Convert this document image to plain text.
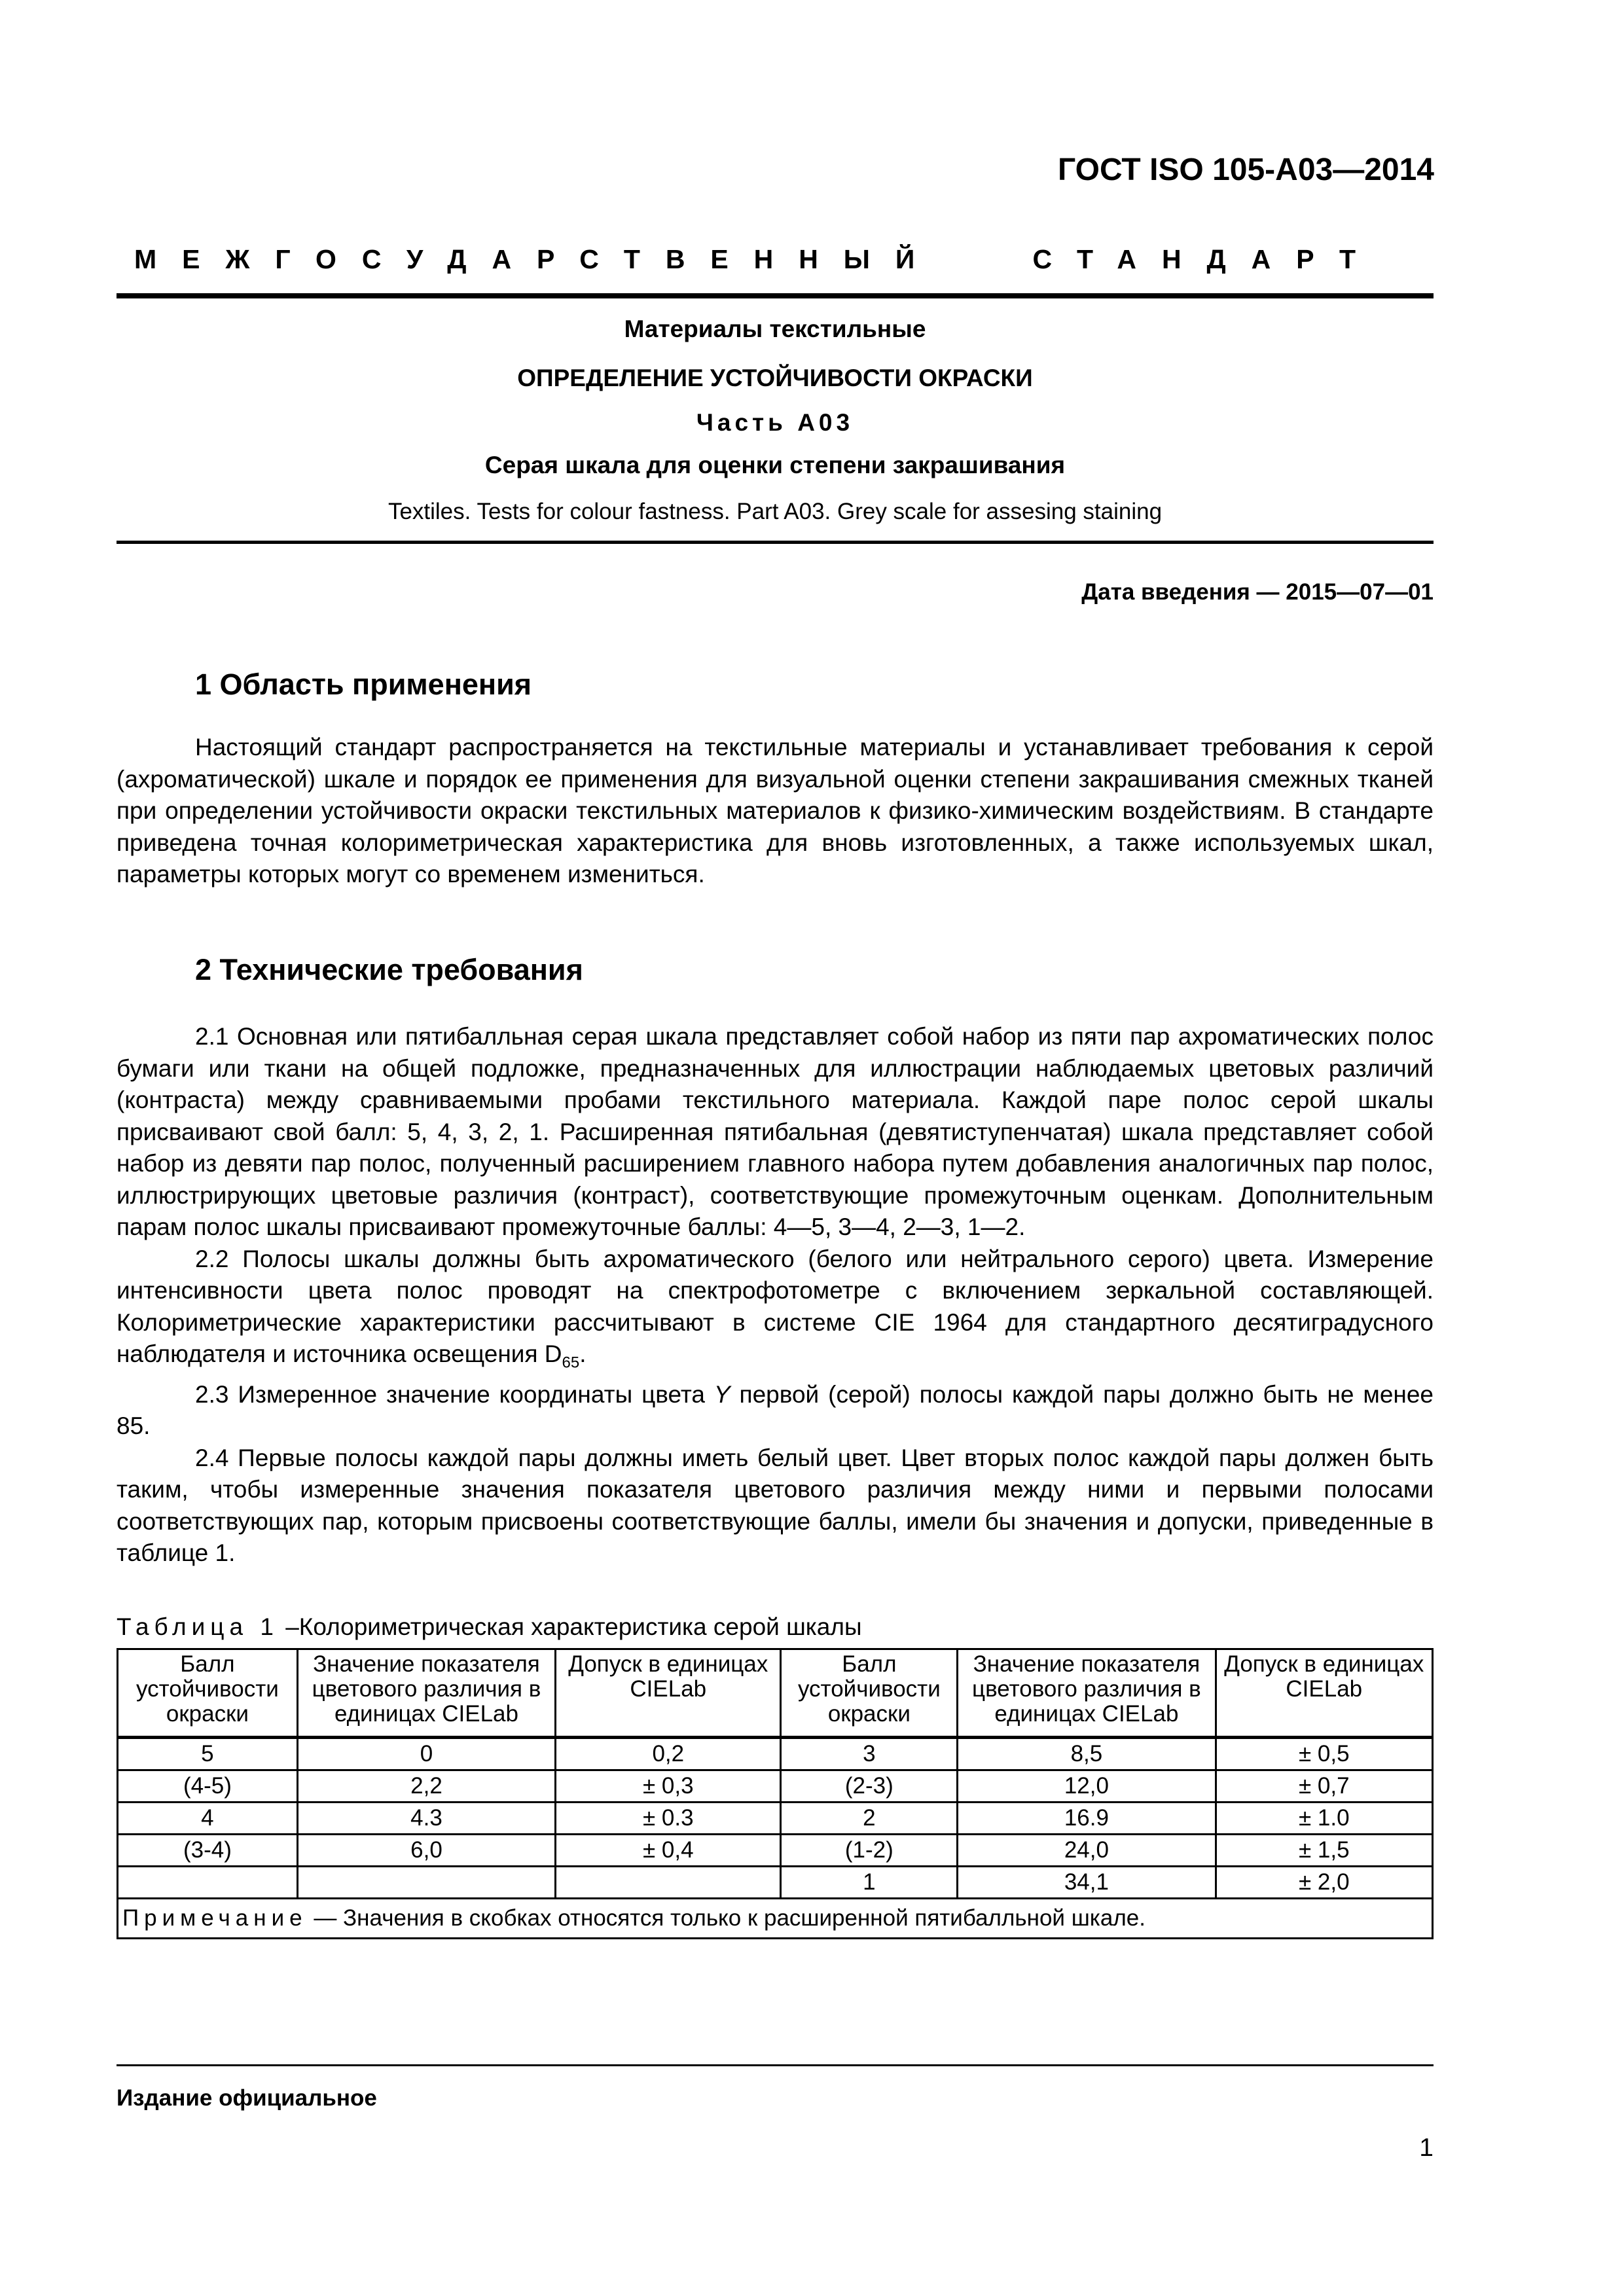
ГОСТ ISO 105-А03—2014
МЕЖГОСУДАРСТВЕННЫЙ	СТАНДАРТ
Материалы текстильные
ОПРЕДЕЛЕНИЕ УСТОЙЧИВОСТИ ОКРАСКИ
Часть А03
Серая шкала для оценки степени закрашивания
Textiles. Tests for colour fastness. Part A03. Grey scale for assesing staining
Дата введения — 2015—07—01
1 Область применения

Настоящий стандарт распространяется на текстильные материалы и устанавливает требования к серой (ахроматической) шкале и порядок ее применения для визуальной оценки степени закрашивания смежных тканей при определении устойчивости окраски текстильных материалов к физико-химическим воздействиям. В стандарте приведена точная колориметрическая характеристика для вновь изготовленных, а также используемых шкал, параметры которых могут со временем измениться.

2 Технические требования

2.1 Основная или пятибалльная серая шкала представляет собой набор из пяти пар ахроматических полос бумаги или ткани на общей подложке, предназначенных для иллюстрации наблюдаемых цветовых различий (контраста) между сравниваемыми пробами текстильного материала. Каждой паре полос серой шкалы присваивают свой балл: 5, 4, 3, 2, 1. Расширенная пятибальная (девятиступенчатая) шкала представляет собой набор из девяти пар полос, полученный расширением главного набора путем добавления аналогичных пар полос, иллюстрирующих цветовые различия (контраст), соответствующие промежуточным оценкам. Дополнительным парам полос шкалы присваивают промежуточные баллы: 4—5, 3—4, 2—3, 1—2.

2.2 Полосы шкалы должны быть ахроматического (белого или нейтрального серого) цвета. Измерение интенсивности цвета полос проводят на спектрофотометре с включением зеркальной составляющей. Колориметрические характеристики рассчитывают в системе CIE 1964 для стандартного десятиградусного наблюдателя и источника освещения $D_{65}$.

2.3 Измеренное значение координаты цвета Y первой (серой) полосы каждой пары должно быть не менее 85.

2.4 Первые полосы каждой пары должны иметь белый цвет. Цвет вторых полос каждой пары должен быть таким, чтобы измеренные значения показателя цветового различия между ними и первыми полосами соответствующих пар, которым присвоены соответствующие баллы, имели бы значения и допуски, приведенные в таблице 1.

Таблица 1 –Колориметрическая характеристика серой шкалы
Балл устойчивости окраски	Значение показателя цветового различия в единицах CIELab	Допуск в единицах CIELab	Балл устойчивости окраски	Значение показателя цветового различия в единицах CIELab	Допуск в единицах CIELab
5	0	0,2	3	8,5	± 0,5
(4-5)	2,2	± 0,3	(2-3)	12,0	± 0,7
4	4.3	± 0.3	2	16.9	± 1.0
(3-4)	6,0	± 0,4	(1-2)	24,0	± 1,5
			1	34,1	± 2,0
Примечание — Значения в скобках относятся только к расширенной пятибалльной шкале.					
Издание официальное
1
